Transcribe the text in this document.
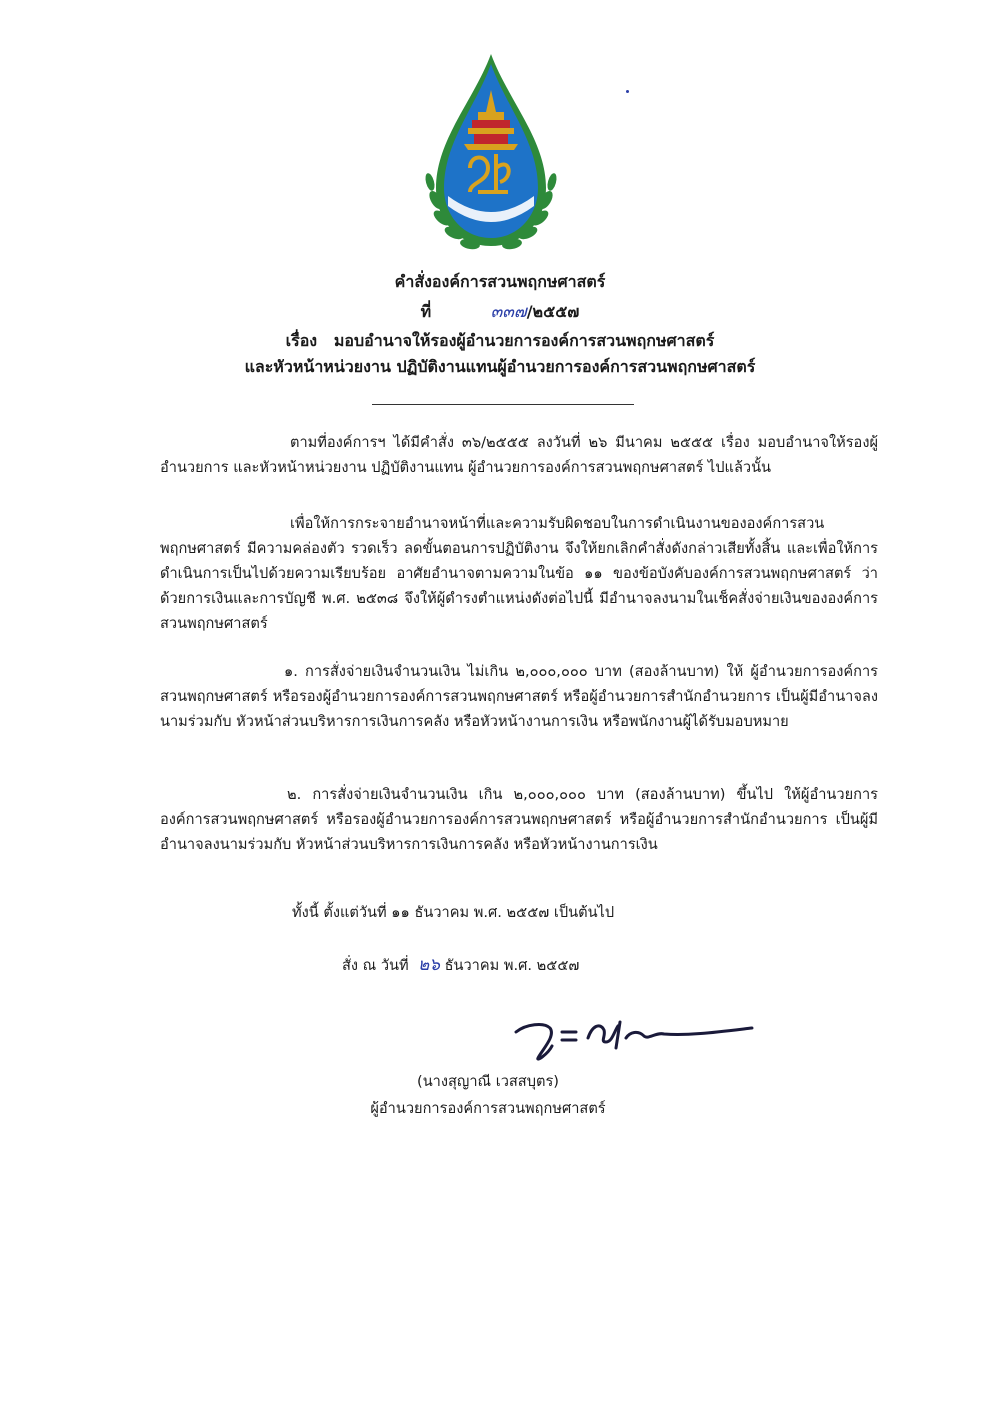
คำสั่งองค์การสวนพฤกษศาสตร์
ที่	๓๓๗/๒๕๕๗
เรื่อง มอบอำนาจให้รองผู้อำนวยการองค์การสวนพฤกษศาสตร์
และหัวหน้าหน่วยงาน ปฏิบัติงานแทนผู้อำนวยการองค์การสวนพฤกษศาสตร์
ตามที่องค์การฯ ได้มีคำสั่ง ๓๖/๒๕๕๕ ลงวันที่ ๒๖ มีนาคม ๒๕๕๕ เรื่อง มอบอำนาจให้รองผู้อำนวยการ และหัวหน้าหน่วยงาน ปฏิบัติงานแทน ผู้อำนวยการองค์การสวนพฤกษศาสตร์ ไปแล้วนั้น
เพื่อให้การกระจายอำนาจหน้าที่และความรับผิดชอบในการดำเนินงานขององค์การสวนพฤกษศาสตร์ มีความคล่องตัว รวดเร็ว ลดขั้นตอนการปฏิบัติงาน จึงให้ยกเลิกคำสั่งดังกล่าวเสียทั้งสิ้น และเพื่อให้การดำเนินการเป็นไปด้วยความเรียบร้อย อาศัยอำนาจตามความในข้อ ๑๑ ของข้อบังคับองค์การสวนพฤกษศาสตร์ ว่าด้วยการเงินและการบัญชี พ.ศ. ๒๕๓๘ จึงให้ผู้ดำรงตำแหน่งดังต่อไปนี้ มีอำนาจลงนามในเช็คสั่งจ่ายเงินขององค์การสวนพฤกษศาสตร์
๑. การสั่งจ่ายเงินจำนวนเงิน ไม่เกิน ๒,๐๐๐,๐๐๐ บาท (สองล้านบาท) ให้ ผู้อำนวยการองค์การสวนพฤกษศาสตร์ หรือรองผู้อำนวยการองค์การสวนพฤกษศาสตร์ หรือผู้อำนวยการสำนักอำนวยการ เป็นผู้มีอำนาจลงนามร่วมกับ หัวหน้าส่วนบริหารการเงินการคลัง หรือหัวหน้างานการเงิน หรือพนักงานผู้ได้รับมอบหมาย
๒. การสั่งจ่ายเงินจำนวนเงิน เกิน ๒,๐๐๐,๐๐๐ บาท (สองล้านบาท) ขึ้นไป ให้ผู้อำนวยการองค์การสวนพฤกษศาสตร์ หรือรองผู้อำนวยการองค์การสวนพฤกษศาสตร์ หรือผู้อำนวยการสำนักอำนวยการ เป็นผู้มีอำนาจลงนามร่วมกับ หัวหน้าส่วนบริหารการเงินการคลัง หรือหัวหน้างานการเงิน
ทั้งนี้ ตั้งแต่วันที่ ๑๑ ธันวาคม พ.ศ. ๒๕๕๗ เป็นต้นไป
สั่ง ณ วันที่ ๒๖ ธันวาคม พ.ศ. ๒๕๕๗
(นางสุญาณี เวสสบุตร)
ผู้อำนวยการองค์การสวนพฤกษศาสตร์
